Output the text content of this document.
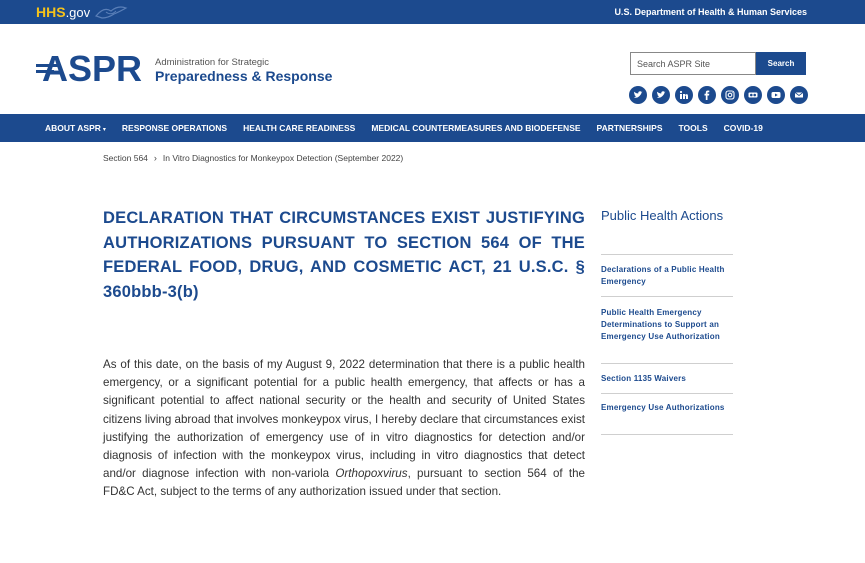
HHS.gov	U.S. Department of Health & Human Services
ASPR Administration for Strategic
Preparedness & Response
Search ASPR Site
Search
ABOUT ASPR ▾ RESPONSE OPERATIONS HEALTH CARE READINESS MEDICAL COUNTERMEASURES AND BIODEFENSE PARTNERSHIPS TOOLS COVID-19
Section 564 › In Vitro Diagnostics for Monkeypox Detection (September 2022)
DECLARATION THAT CIRCUMSTANCES EXIST JUSTIFYING AUTHORIZATIONS PURSUANT TO SECTION 564 OF THE FEDERAL FOOD, DRUG, AND COSMETIC ACT, 21 U.S.C. § 360bbb-3(b)

As of this date, on the basis of my August 9, 2022 determination that there is a public health emergency, or a significant potential for a public health emergency, that affects or has a significant potential to affect national security or the health and security of United States citizens living abroad that involves monkeypox virus, I hereby declare that circumstances exist justifying the authorization of emergency use of in vitro diagnostics for detection and/or diagnosis of infection with the monkeypox virus, including in vitro diagnostics that detect and/or diagnose infection with non-variola Orthopoxvirus, pursuant to section 564 of the FD&C Act, subject to the terms of any authorization issued under that section.

Public Health Actions
Declarations of a Public Health Emergency
Public Health Emergency Determinations to Support an Emergency Use Authorization
Section 1135 Waivers
Emergency Use Authorizations
